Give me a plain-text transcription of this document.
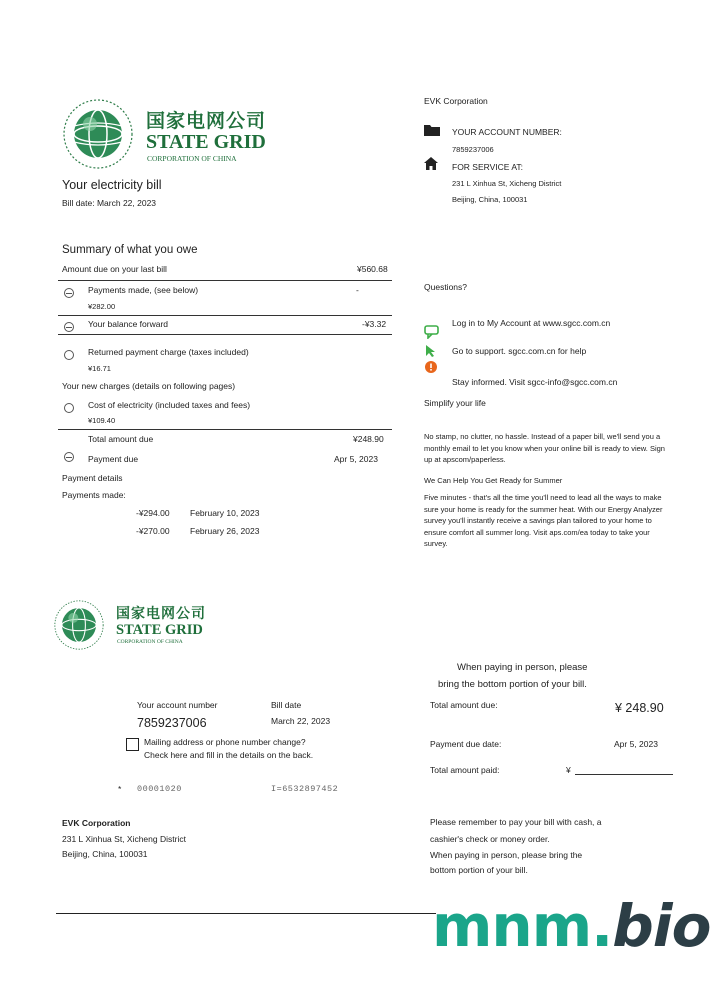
国家电网公司
STATE GRID
CORPORATION OF CHINA
Your electricity bill
Bill date: March 22, 2023
EVK Corporation
YOUR ACCOUNT NUMBER:
7859237006
FOR SERVICE AT:
231 L Xinhua St, Xicheng District
Beijing, China, 100031
Summary of what you owe
Amount due on your last bill	¥560.68
Payments made, (see below)	-
¥282.00
Your balance forward	-¥3.32
Returned payment charge (taxes included)
¥16.71
Your new charges (details on following pages)
Cost of electricity (included taxes and fees)
¥109.40
Total amount due	¥248.90
Payment due	Apr 5, 2023
Payment details
Payments made:
-¥294.00 February 10, 2023
-¥270.00 February 26, 2023
Questions?
Log in to My Account at www.sgcc.com.cn
Go to support. sgcc.com.cn for help
Stay informed. Visit sgcc-info@sgcc.com.cn
Simplify your life
No stamp, no clutter, no hassle. Instead of a paper bill, we'll send you a monthly email to let you know when your online bill is ready to view. Sign up at apscom/paperless.
We Can Help You Get Ready for Summer
Five minutes - that's all the time you'll need to lead all the ways to make sure your home is ready for the summer heat. With our Energy Analyzer survey you'll instantly receive a savings plan tailored to your home to ensure comfort all summer long. Visit aps.com/ea today to take your survey.
国家电网公司
STATE GRID
CORPORATION OF CHINA
Your account number
7859237006
Bill date
March 22, 2023
Mailing address or phone number change?
Check here and fill in the details on the back.
* 00001020	I=6532897452
EVK Corporation
231 L Xinhua St, Xicheng District
Beijing, China, 100031
When paying in person, please
bring the bottom portion of your bill.
Total amount due:	¥ 248.90
Payment due date:	Apr 5, 2023
Total amount paid:	¥
Please remember to pay your bill with cash, a
cashier's check or money order.
When paying in person, please bring the
bottom portion of your bill.
mnm.bio
